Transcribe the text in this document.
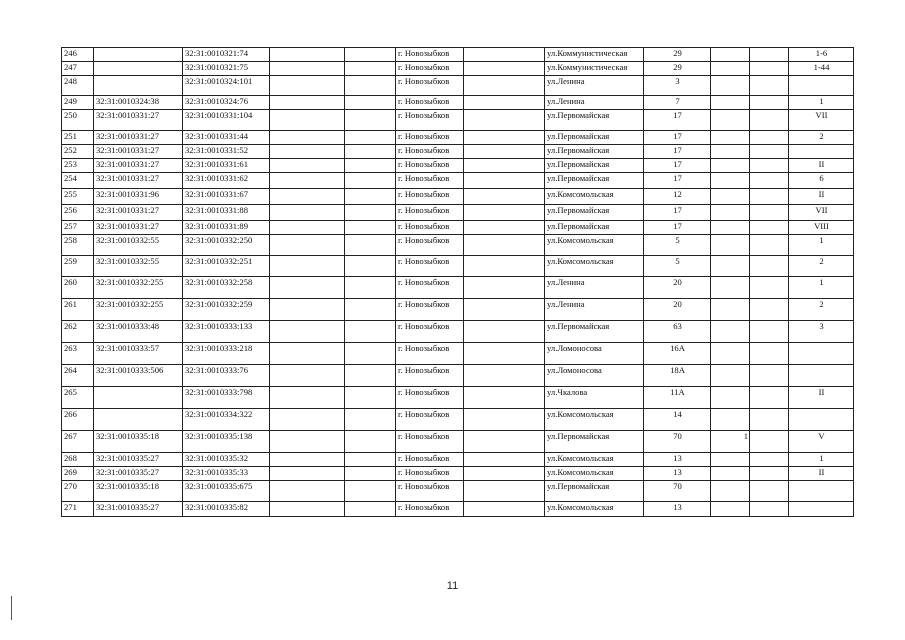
246		32:31:0010321:74			г. Новозыбков		ул.Коммунистическая	29			1-6
247		32:31:0010321:75			г. Новозыбков		ул.Коммунистическая	29			1-44
248		32:31:0010324:101			г. Новозыбков		ул.Ленина	3			
249	32:31:0010324:38	32:31:0010324:76			г. Новозыбков		ул.Ленина	7			1
250	32:31:0010331:27	32:31:0010331:104			г. Новозыбков		ул.Первомайская	17			VII
251	32:31:0010331:27	32:31:0010331:44			г. Новозыбков		ул.Первомайская	17			2
252	32:31:0010331:27	32:31:0010331:52			г. Новозыбков		ул.Первомайская	17			
253	32:31:0010331:27	32:31:0010331:61			г. Новозыбков		ул.Первомайская	17			II
254	32:31:0010331:27	32:31:0010331:62			г. Новозыбков		ул.Первомайская	17			6
255	32:31:0010331:96	32:31:0010331:67			г. Новозыбков		ул.Комсомольская	12			II
256	32:31:0010331:27	32:31:0010331:88			г. Новозыбков		ул.Первомайская	17			VII
257	32:31:0010331:27	32:31:0010331:89			г. Новозыбков		ул.Первомайская	17			VIII
258	32:31:0010332:55	32:31:0010332:250			г. Новозыбков		ул.Комсомольская	5			1
259	32:31:0010332:55	32:31:0010332:251			г. Новозыбков		ул.Комсомольская	5			2
260	32:31:0010332:255	32:31:0010332:258			г. Новозыбков		ул.Ленина	20			1
261	32:31:0010332:255	32:31:0010332:259			г. Новозыбков		ул.Ленина	20			2
262	32:31:0010333:48	32:31:0010333:133			г. Новозыбков		ул.Первомайская	63			3
263	32:31:0010333:57	32:31:0010333:218			г. Новозыбков		ул.Ломоносова	16А			
264	32:31:0010333:506	32:31:0010333:76			г. Новозыбков		ул.Ломоносова	18А			
265		32:31:0010333:798			г. Новозыбков		ул.Чкалова	11А			II
266		32:31:0010334:322			г. Новозыбков		ул.Комсомольская	14			
267	32:31:0010335:18	32:31:0010335:138			г. Новозыбков		ул.Первомайская	70	1		V
268	32:31:0010335:27	32:31:0010335:32			г. Новозыбков		ул.Комсомольская	13			1
269	32:31:0010335:27	32:31:0010335:33			г. Новозыбков		ул.Комсомольская	13			II
270	32:31:0010335:18	32:31:0010335:675			г. Новозыбков		ул.Первомайская	70			
271	32:31:0010335:27	32:31:0010335:82			г. Новозыбков		ул.Комсомольская	13			
11
